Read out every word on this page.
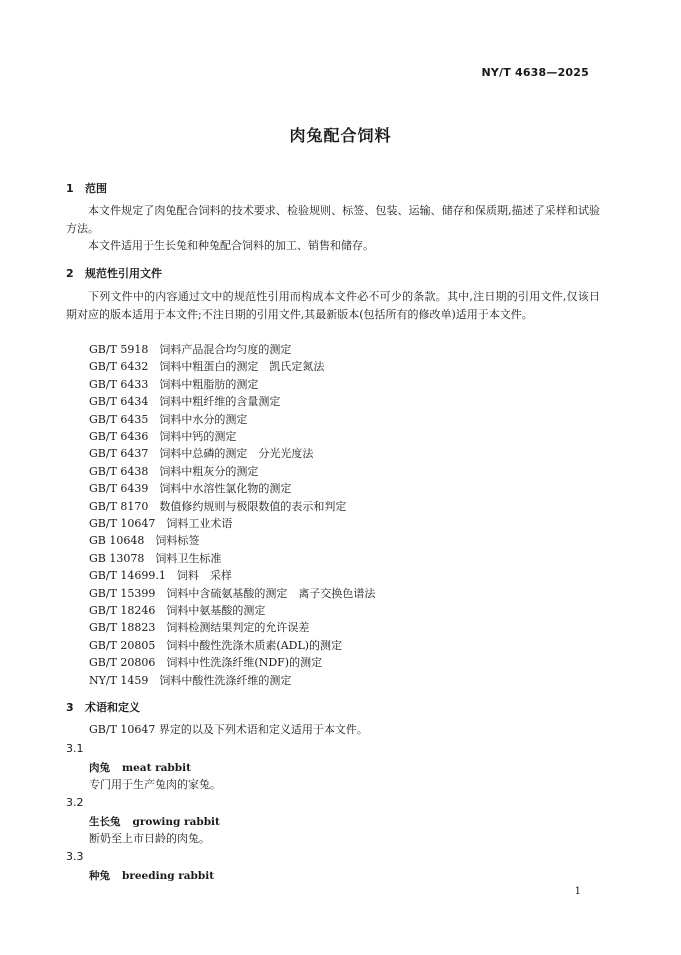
NY/T 4638—2025
肉兔配合饲料
1 范围
本文件规定了肉兔配合饲料的技术要求、检验规则、标签、包装、运输、储存和保质期,描述了采样和试验方法。
本文件适用于生长兔和种兔配合饲料的加工、销售和储存。
2 规范性引用文件
下列文件中的内容通过文中的规范性引用而构成本文件必不可少的条款。其中,注日期的引用文件,仅该日期对应的版本适用于本文件;不注日期的引用文件,其最新版本(包括所有的修改单)适用于本文件。
GB/T 5918　 饲料产品混合均匀度的测定
GB/T 6432　 饲料中粗蛋白的测定　凯氏定氮法
GB/T 6433　 饲料中粗脂肪的测定
GB/T 6434　 饲料中粗纤维的含量测定
GB/T 6435　 饲料中水分的测定
GB/T 6436　 饲料中钙的测定
GB/T 6437　 饲料中总磷的测定　分光光度法
GB/T 6438　 饲料中粗灰分的测定
GB/T 6439　 饲料中水溶性氯化物的测定
GB/T 8170　 数值修约规则与极限数值的表示和判定
GB/T 10647　 饲料工业术语
GB 10648　 饲料标签
GB 13078　 饲料卫生标准
GB/T 14699.1　 饲料　采样
GB/T 15399　 饲料中含硫氨基酸的测定　离子交换色谱法
GB/T 18246　 饲料中氨基酸的测定
GB/T 18823　 饲料检测结果判定的允许误差
GB/T 20805　 饲料中酸性洗涤木质素(ADL)的测定
GB/T 20806　 饲料中性洗涤纤维(NDF)的测定
NY/T 1459　 饲料中酸性洗涤纤维的测定
3 术语和定义
GB/T 10647 界定的以及下列术语和定义适用于本文件。
3.1
肉兔 meat rabbit
专门用于生产兔肉的家兔。
3.2
生长兔 growing rabbit
断奶至上市日龄的肉兔。
3.3
种兔 breeding rabbit
1
